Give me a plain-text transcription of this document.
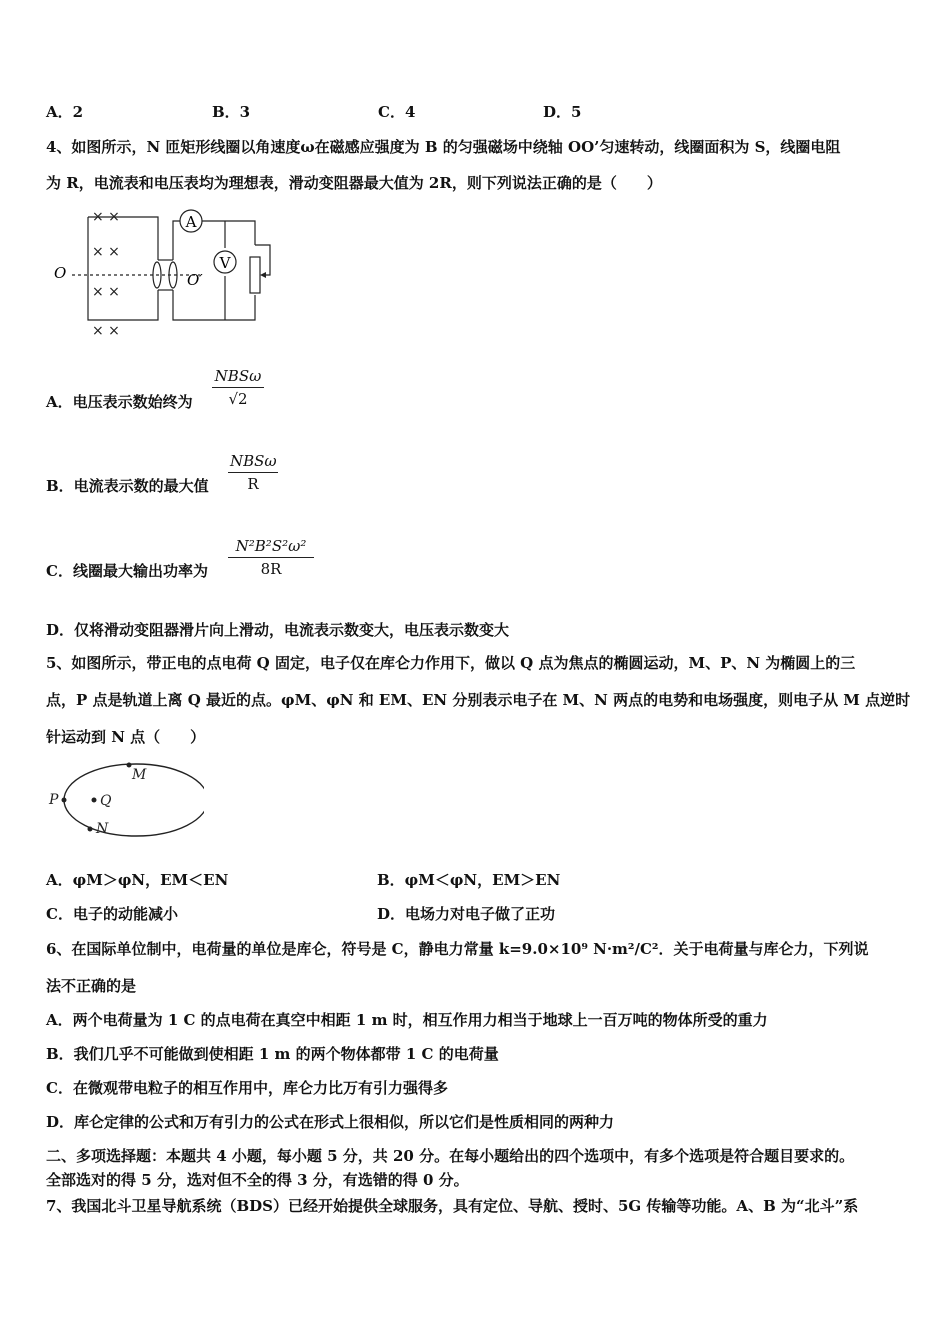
A．2	B．3	C．4	D．5
4、如图所示，N 匝矩形线圈以角速度ω在磁感应强度为 B 的匀强磁场中绕轴 OO’匀速转动，线圈面积为 S，线圈电阻
为 R，电流表和电压表均为理想表，滑动变阻器最大值为 2R，则下列说法正确的是（　　）
A
V
O	O′
× ×
× ×
× ×
× ×
A．电压表示数始终为
NBSω
√2
B．电流表示数的最大值
NBSω
R
C．线圈最大输出功率为
N²B²S²ω²
8R
D．仅将滑动变阻器滑片向上滑动，电流表示数变大，电压表示数变大
5、如图所示，带正电的点电荷 Q 固定，电子仅在库仑力作用下，做以 Q 点为焦点的椭圆运动，M、P、N 为椭圆上的三
点，P 点是轨道上离 Q 最近的点。φM、φN 和 EM、EN 分别表示电子在 M、N 两点的电势和电场强度，则电子从 M 点逆时
针运动到 N 点（　　）
P	Q
M
N
A．φM＞φN，EM＜EN	B．φM＜φN，EM＞EN
C．电子的动能减小	D．电场力对电子做了正功
6、在国际单位制中，电荷量的单位是库仑，符号是 C，静电力常量 k=9.0×10⁹ N·m²/C²．关于电荷量与库仑力，下列说
法不正确的是
A．两个电荷量为 1 C 的点电荷在真空中相距 1 m 时，相互作用力相当于地球上一百万吨的物体所受的重力
B．我们几乎不可能做到使相距 1 m 的两个物体都带 1 C 的电荷量
C．在微观带电粒子的相互作用中，库仑力比万有引力强得多
D．库仑定律的公式和万有引力的公式在形式上很相似，所以它们是性质相同的两种力
二、多项选择题：本题共 4 小题，每小题 5 分，共 20 分。在每小题给出的四个选项中，有多个选项是符合题目要求的。
全部选对的得 5 分，选对但不全的得 3 分，有选错的得 0 分。
7、我国北斗卫星导航系统（BDS）已经开始提供全球服务，具有定位、导航、授时、5G 传输等功能。A、B 为“北斗”系
